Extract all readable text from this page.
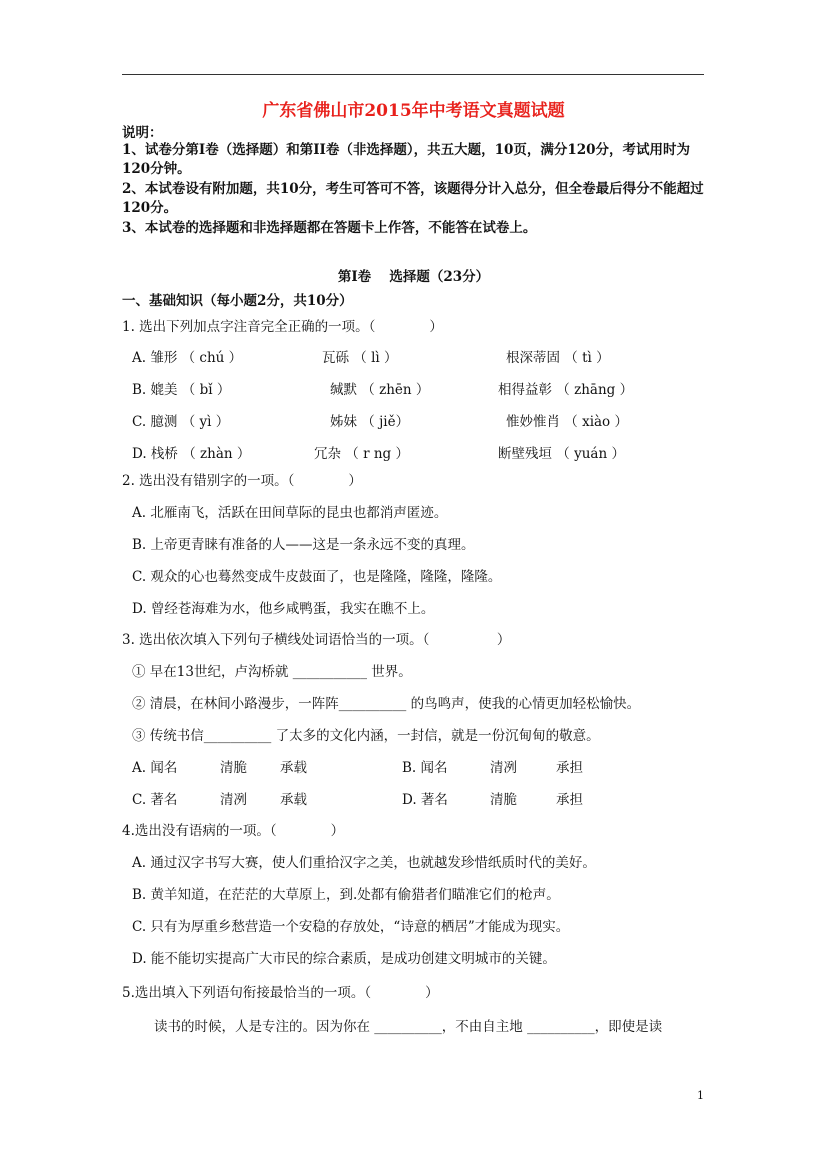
广东省佛山市2015年中考语文真题试题
说明：
1、试卷分第Ⅰ卷（选择题）和第II卷（非选择题），共五大题，10页，满分120分，考试用时为120分钟。
2、本试卷设有附加题，共10分，考生可答可不答，该题得分计入总分，但全卷最后得分不能超过120分。
3、本试卷的选择题和非选择题都在答题卡上作答，不能答在试卷上。
第Ⅰ卷　 选择题（23分）
一、基础知识（每小题2分，共10分）
1. 选出下列加点字注音完全正确的一项。（　　　　）
A. 雏形 （ chú ）	瓦砾 （ lì ）	根深蒂固 （ tì ）
B. 媲美 （ bǐ ）	缄默 （ zhēn ）	相得益彰 （ zhāng ）
C. 臆测 （ yì ）	姊妹 （ jiě）	惟妙惟肖 （ xiào ）
D. 栈桥 （ zhàn ）	冗杂 （ r ng ）	断壁残垣 （ yuán ）
2. 选出没有错别字的一项。（　　　　）
A. 北雁南飞，活跃在田间草际的昆虫也都消声匿迹。
B. 上帝更青睐有准备的人——这是一条永远不变的真理。
C. 观众的心也蓦然变成牛皮鼓面了，也是隆隆，隆隆，隆隆。
D. 曾经苍海难为水，他乡咸鸭蛋，我实在瞧不上。
3. 选出依次填入下列句子横线处词语恰当的一项。（　　　　　）
① 早在13世纪，卢沟桥就 ___________ 世界。
② 清晨，在林间小路漫步，一阵阵__________ 的鸟鸣声，使我的心情更加轻松愉快。
③ 传统书信__________ 了太多的文化内涵，一封信，就是一份沉甸甸的敬意。
A. 闻名	清脆 承载	B. 闻名	清冽	承担
C. 著名	清冽 承载	D. 著名	清脆	承担
4.选出没有语病的一项。（　　　　）
A. 通过汉字书写大赛，使人们重拾汉字之美，也就越发珍惜纸质时代的美好。
B. 黄羊知道，在茫茫的大草原上，到.处都有偷猎者们瞄准它们的枪声。
C. 只有为厚重乡愁营造一个安稳的存放处，“诗意的栖居”才能成为现实。
D. 能不能切实提高广大市民的综合素质，是成功创建文明城市的关键。
5.选出填入下列语句衔接最恰当的一项。（　　　　）
读书的时候，人是专注的。因为你在 __________，不由自主地 __________，即使是读
1
